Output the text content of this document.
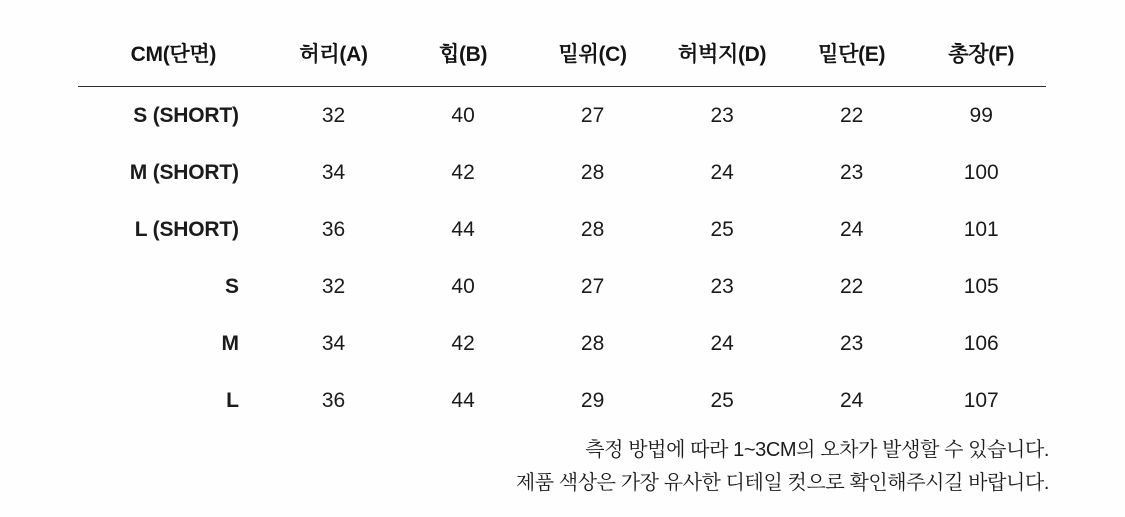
CM(단면)	허리(A)	힙(B)	밑위(C)	허벅지(D)	밑단(E)	총장(F)
S (SHORT)	32	40	27	23	22	99
M (SHORT)	34	42	28	24	23	100
L (SHORT)	36	44	28	25	24	101
S	32	40	27	23	22	105
M	34	42	28	24	23	106
L	36	44	29	25	24	107
측정 방법에 따라 1~3CM의 오차가 발생할 수 있습니다.
제품 색상은 가장 유사한 디테일 컷으로 확인해주시길 바랍니다.
